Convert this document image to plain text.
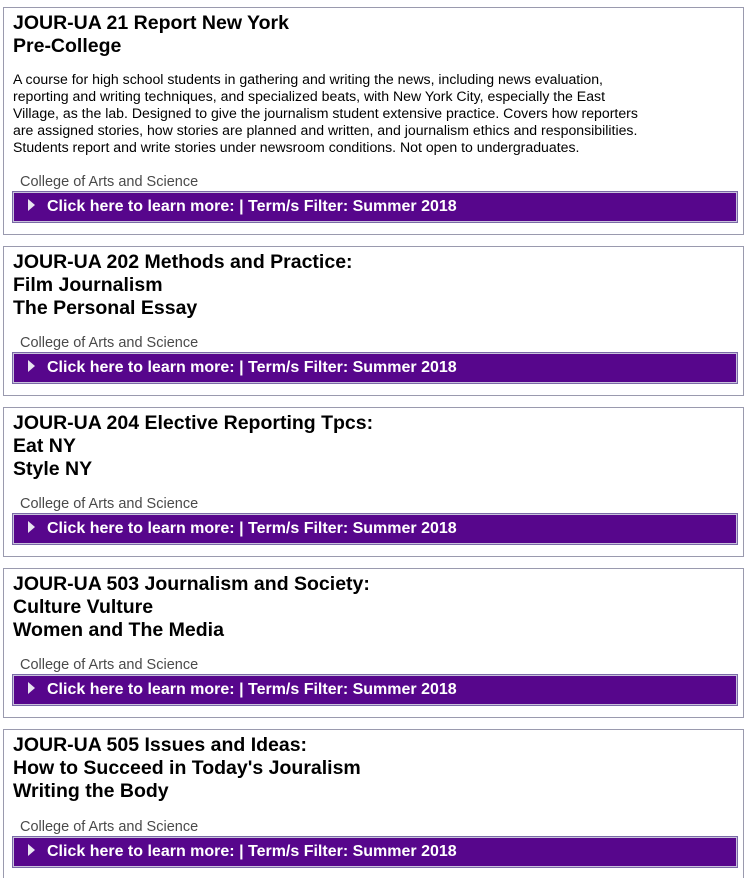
JOUR-UA 21 Report New York

Pre-College

A course for high school students in gathering and writing the news, including news evaluation,

reporting and writing techniques, and specialized beats, with New York City, especially the East

Village, as the lab. Designed to give the journalism student extensive practice. Covers how reporters

are assigned stories, how stories are planned and written, and journalism ethics and responsibilities.

Students report and write stories under newsroom conditions. Not open to undergraduates.

College of Arts and Science
Click here to learn more: | Term/s Filter: Summer 2018

JOUR-UA 202 Methods and Practice:

Film Journalism

The Personal Essay

College of Arts and Science
Click here to learn more: | Term/s Filter: Summer 2018

JOUR-UA 204 Elective Reporting Tpcs:

Eat NY

Style NY

College of Arts and Science
Click here to learn more: | Term/s Filter: Summer 2018

JOUR-UA 503 Journalism and Society:

Culture Vulture

Women and The Media

College of Arts and Science
Click here to learn more: | Term/s Filter: Summer 2018

JOUR-UA 505 Issues and Ideas:

How to Succeed in Today's Jouralism

Writing the Body

College of Arts and Science
Click here to learn more: | Term/s Filter: Summer 2018
